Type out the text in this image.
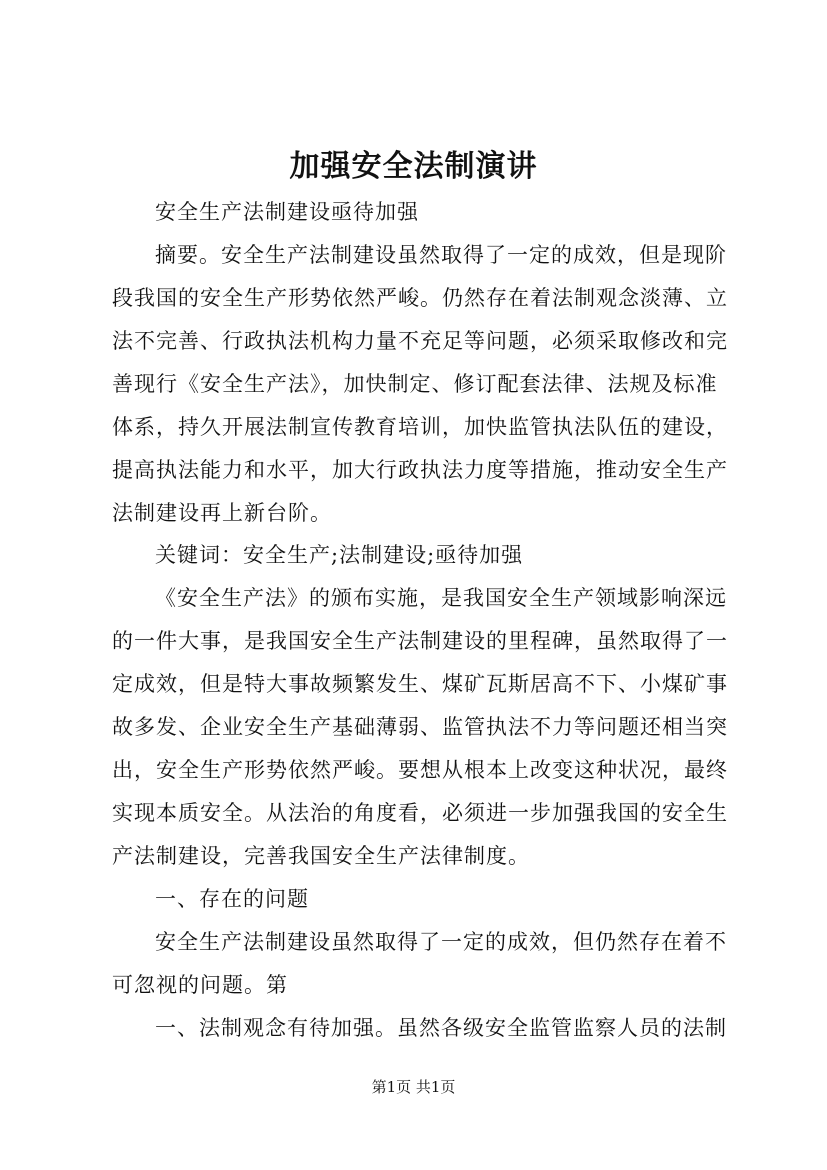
加强安全法制演讲
安全生产法制建设亟待加强
摘要。安全生产法制建设虽然取得了一定的成效，但是现阶
段我国的安全生产形势依然严峻。仍然存在着法制观念淡薄、立
法不完善、行政执法机构力量不充足等问题，必须采取修改和完
善现行《安全生产法》，加快制定、修订配套法律、法规及标准
体系，持久开展法制宣传教育培训，加快监管执法队伍的建设，
提高执法能力和水平，加大行政执法力度等措施，推动安全生产
法制建设再上新台阶。
关键词：安全生产;法制建设;亟待加强
《安全生产法》的颁布实施，是我国安全生产领域影响深远
的一件大事，是我国安全生产法制建设的里程碑，虽然取得了一
定成效，但是特大事故频繁发生、煤矿瓦斯居高不下、小煤矿事
故多发、企业安全生产基础薄弱、监管执法不力等问题还相当突
出，安全生产形势依然严峻。要想从根本上改变这种状况，最终
实现本质安全。从法治的角度看，必须进一步加强我国的安全生
产法制建设，完善我国安全生产法律制度。
一、存在的问题
安全生产法制建设虽然取得了一定的成效，但仍然存在着不
可忽视的问题。第
一、法制观念有待加强。虽然各级安全监管监察人员的法制
第1页 共1页
